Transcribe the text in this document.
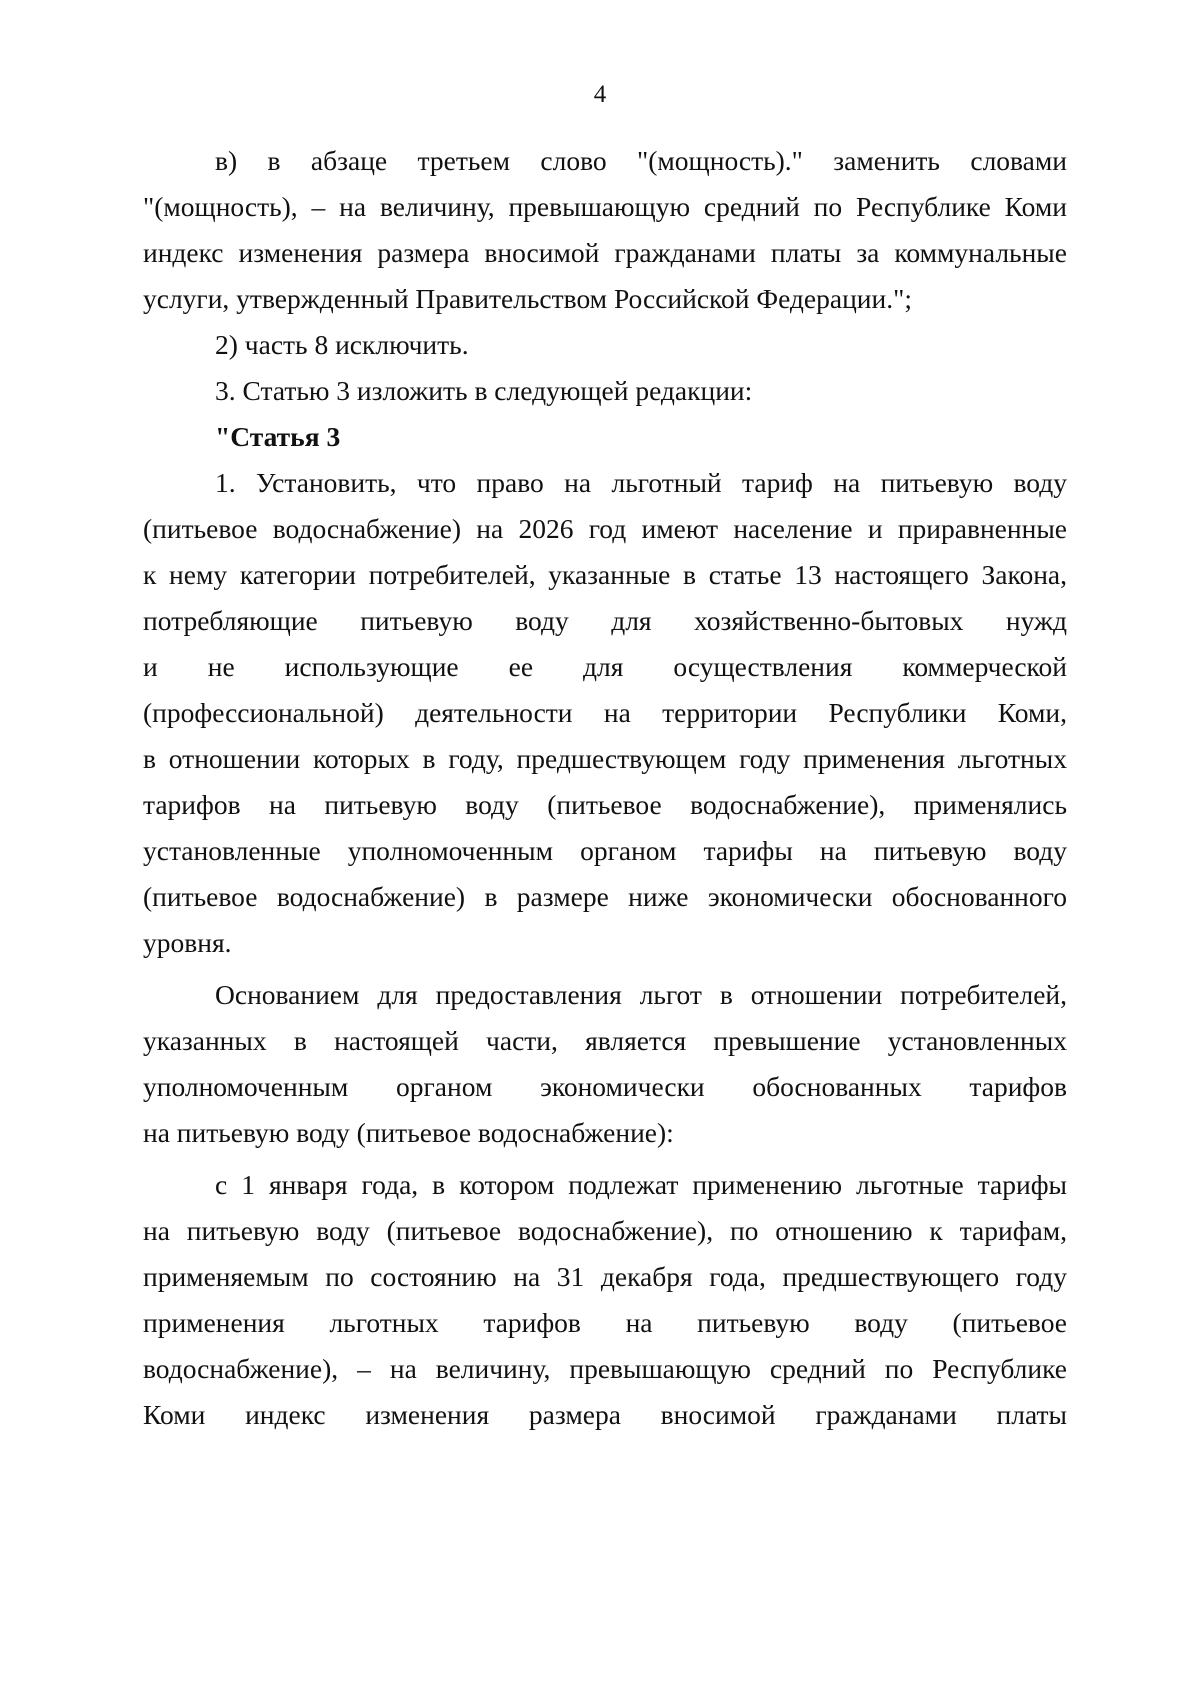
4
в) в абзаце третьем слово "(мощность)." заменить словами
"(мощность), – на величину, превышающую средний по Республике Коми
индекс изменения размера вносимой гражданами платы за коммунальные
услуги, утвержденный Правительством Российской Федерации.";
2) часть 8 исключить.
3. Статью 3 изложить в следующей редакции:
"Статья 3
1. Установить, что право на льготный тариф на питьевую воду
(питьевое водоснабжение) на 2026 год имеют население и приравненные
к нему категории потребителей, указанные в статье 13 настоящего Закона,
потребляющие питьевую воду для хозяйственно-бытовых нужд
и не использующие ее для осуществления коммерческой
(профессиональной) деятельности на территории Республики Коми,
в отношении которых в году, предшествующем году применения льготных
тарифов на питьевую воду (питьевое водоснабжение), применялись
установленные уполномоченным органом тарифы на питьевую воду
(питьевое водоснабжение) в размере ниже экономически обоснованного
уровня.
Основанием для предоставления льгот в отношении потребителей,
указанных в настоящей части, является превышение установленных
уполномоченным органом экономически обоснованных тарифов
на питьевую воду (питьевое водоснабжение):
с 1 января года, в котором подлежат применению льготные тарифы
на питьевую воду (питьевое водоснабжение), по отношению к тарифам,
применяемым по состоянию на 31 декабря года, предшествующего году
применения льготных тарифов на питьевую воду (питьевое
водоснабжение), – на величину, превышающую средний по Республике
Коми индекс изменения размера вносимой гражданами платы
